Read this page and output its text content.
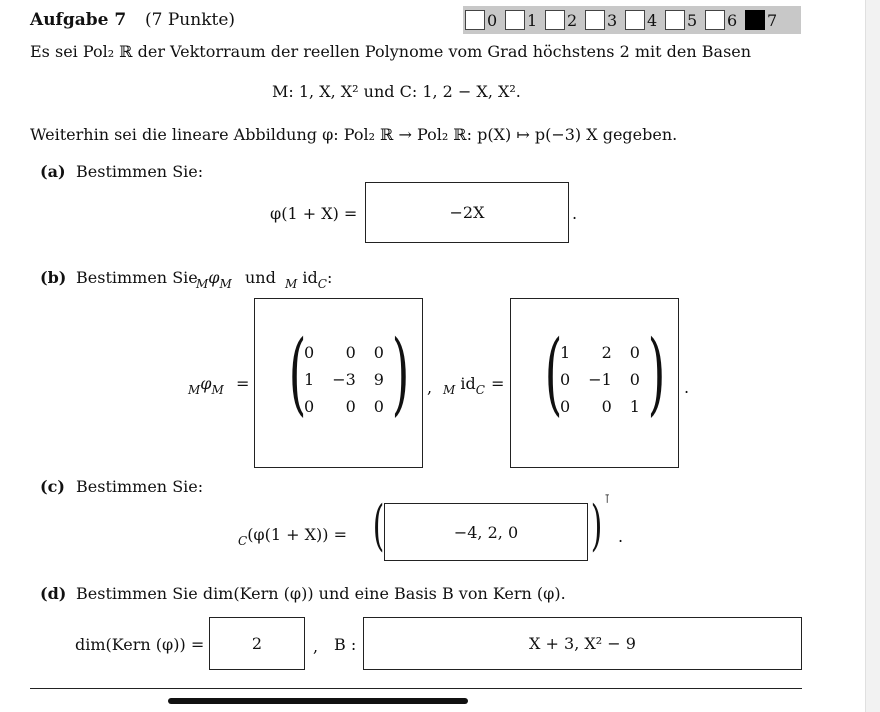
Aufgabe 7 (7 Punkte)	0	1	2	3	4	5	6	7
Es sei Pol₂ ℝ der Vektorraum der reellen Polynome vom Grad höchstens 2 mit den Basen
M: 1, X, X² und C: 1, 2 − X, X².
Weiterhin sei die lineare Abbildung φ: Pol₂ ℝ → Pol₂ ℝ: p(X) ↦ p(−3) X gegeben.
(a) Bestimmen Sie:
φ(1 + X) =	−2X	.
(b) Bestimmen Sie
$_M\varphi_M$ und $_M$ $id_C$ :
$_M\varphi_M$ = (
0	0	0
1	−3	9
0	0	0 ) , $_M$ $id_C$ = (
1	2	0
0	−1	0
0	0	1 ) .
(c) Bestimmen Sie:
$_C$(φ(1 + X)) = (	−4, 2, 0 ) ⊺
.
(d) Bestimmen Sie dim(Kern (φ)) und eine Basis B von Kern (φ).
dim(Kern (φ)) =	2	, B :	X + 3, X² − 9
